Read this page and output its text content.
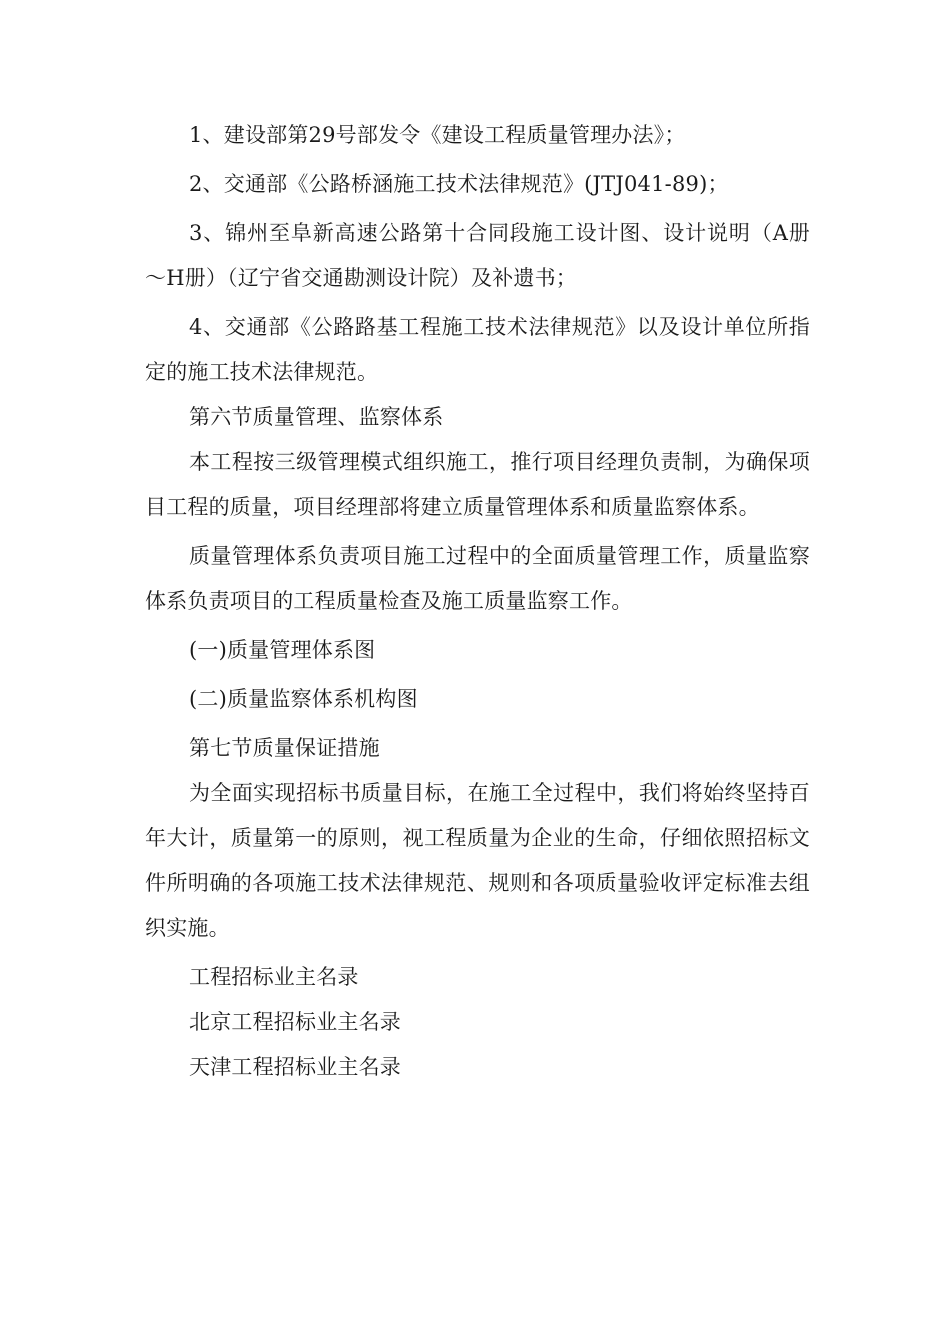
1、建设部第29号部发令《建设工程质量管理办法》；

2、交通部《公路桥涵施工技术法律规范》(JTJ041-89)；

3、锦州至阜新高速公路第十合同段施工设计图、设计说明（A册～H册）（辽宁省交通勘测设计院）及补遗书；

4、交通部《公路路基工程施工技术法律规范》以及设计单位所指定的施工技术法律规范。

第六节质量管理、监察体系

本工程按三级管理模式组织施工，推行项目经理负责制，为确保项目工程的质量，项目经理部将建立质量管理体系和质量监察体系。

质量管理体系负责项目施工过程中的全面质量管理工作，质量监察体系负责项目的工程质量检查及施工质量监察工作。

(一)质量管理体系图

(二)质量监察体系机构图

第七节质量保证措施

为全面实现招标书质量目标，在施工全过程中，我们将始终坚持百年大计，质量第一的原则，视工程质量为企业的生命，仔细依照招标文件所明确的各项施工技术法律规范、规则和各项质量验收评定标准去组织实施。

工程招标业主名录

北京工程招标业主名录

天津工程招标业主名录
